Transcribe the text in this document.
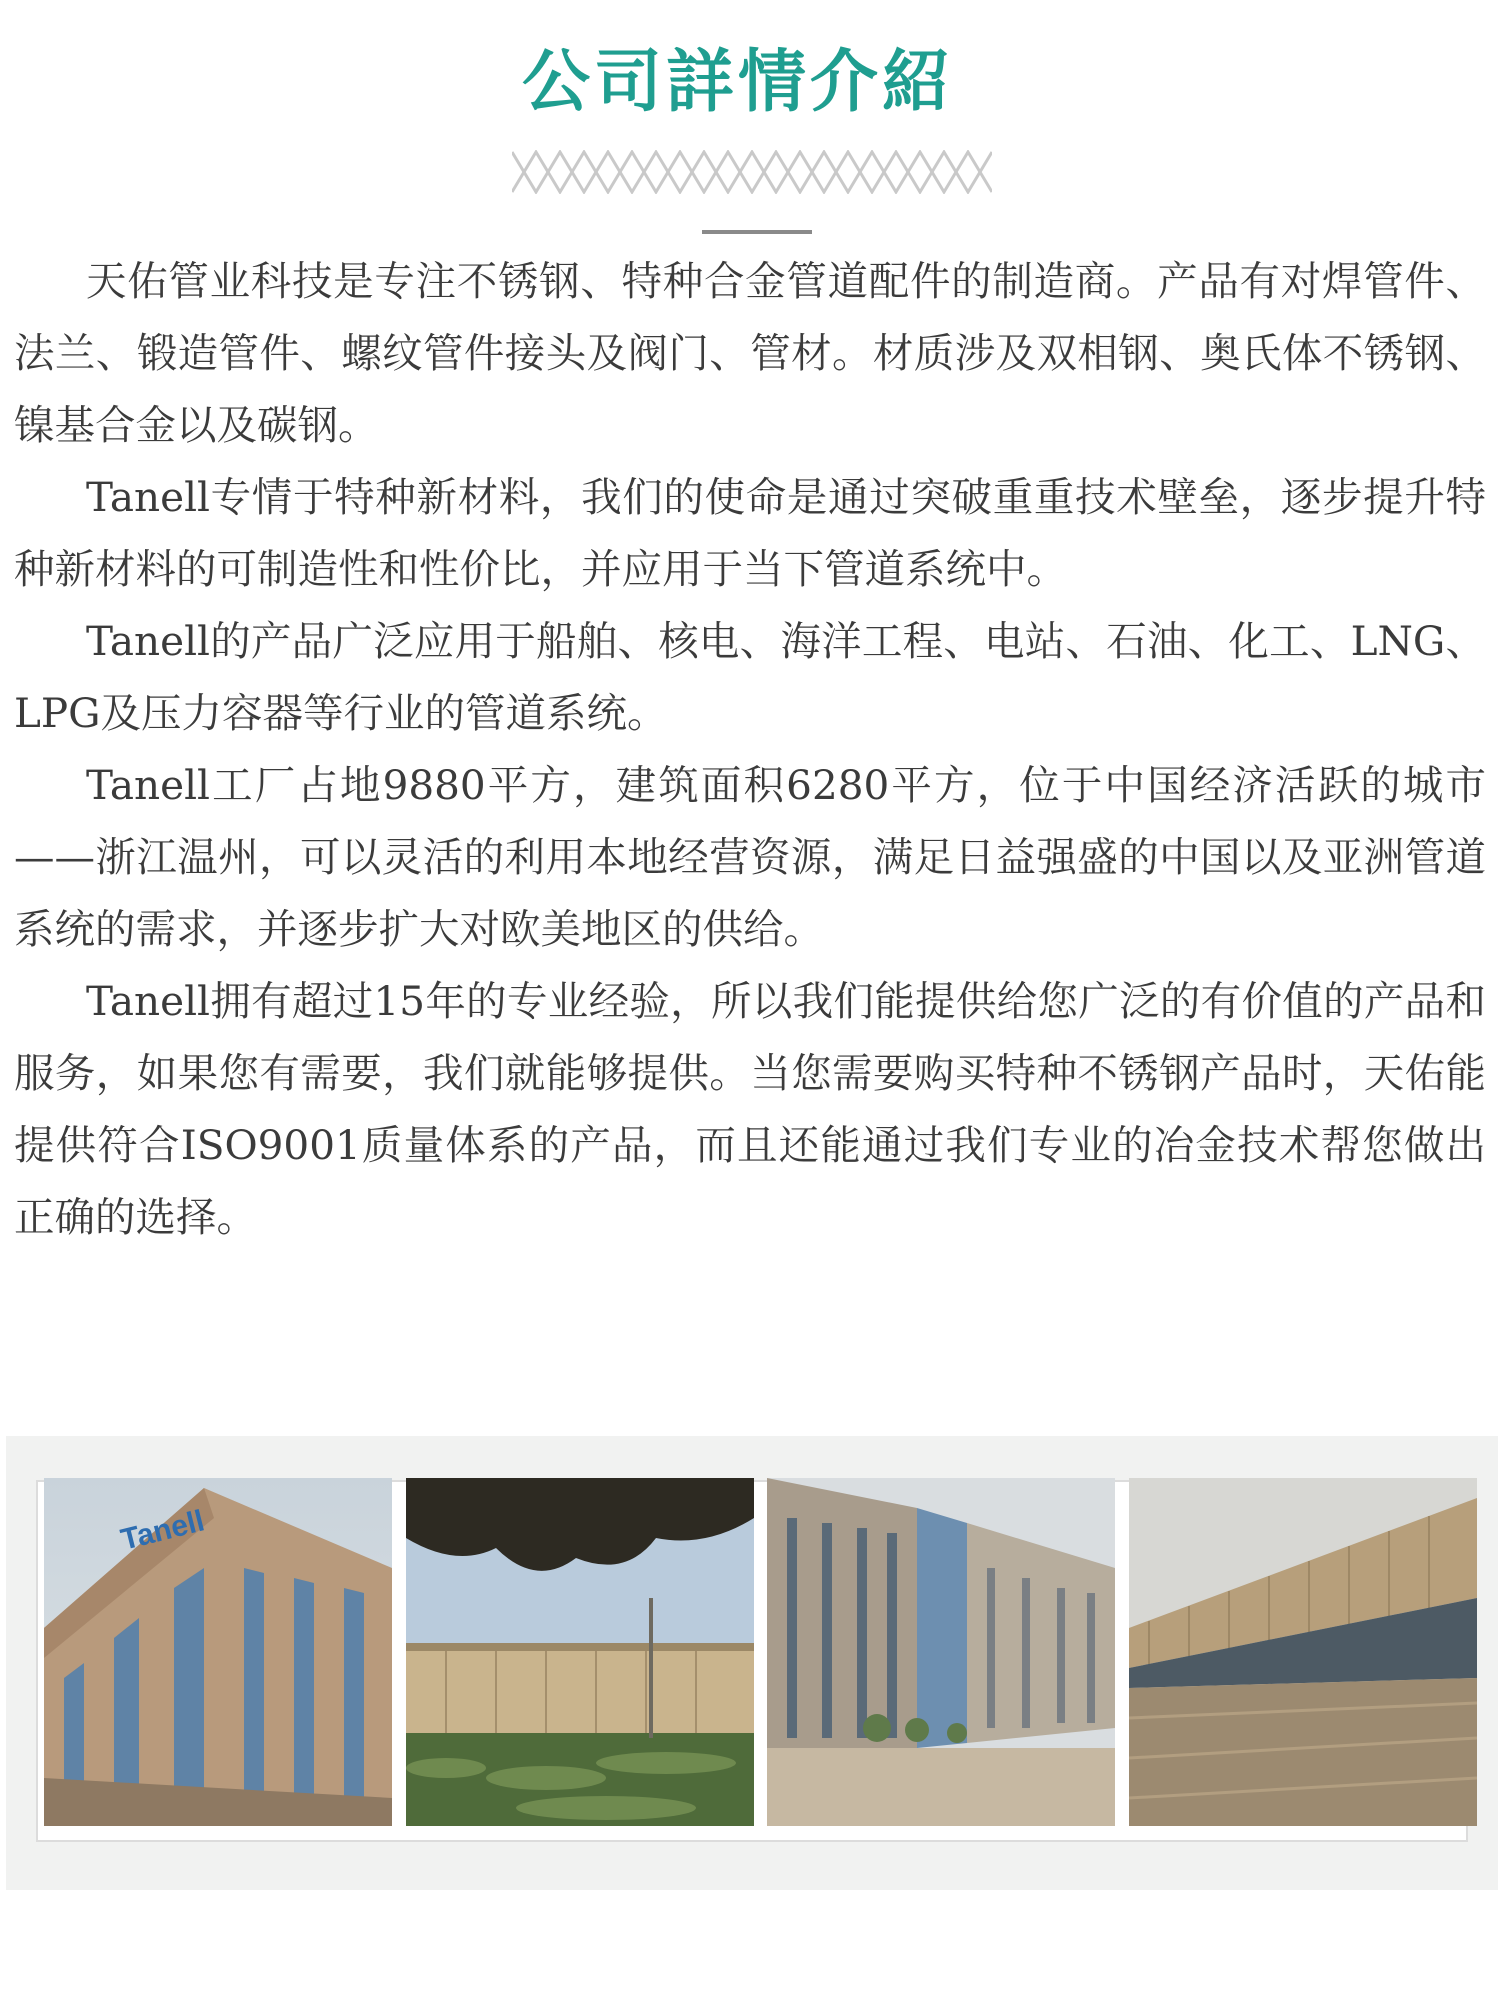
公司詳情介紹

天佑管业科技是专注不锈钢、特种合金管道配件的制造商。产品有对焊管件、法兰、锻造管件、螺纹管件接头及阀门、管材。材质涉及双相钢、奥氏体不锈钢、镍基合金以及碳钢。

Tanell专情于特种新材料，我们的使命是通过突破重重技术壁垒，逐步提升特种新材料的可制造性和性价比，并应用于当下管道系统中。

Tanell的产品广泛应用于船舶、核电、海洋工程、电站、石油、化工、LNG、LPG及压力容器等行业的管道系统。

Tanell工厂占地9880平方，建筑面积6280平方，位于中国经济活跃的城市——浙江温州，可以灵活的利用本地经营资源，满足日益强盛的中国以及亚洲管道系统的需求，并逐步扩大对欧美地区的供给。

Tanell拥有超过15年的专业经验，所以我们能提供给您广泛的有价值的产品和服务，如果您有需要，我们就能够提供。当您需要购买特种不锈钢产品时，天佑能提供符合ISO9001质量体系的产品，而且还能通过我们专业的冶金技术帮您做出正确的选择。

Tanell
